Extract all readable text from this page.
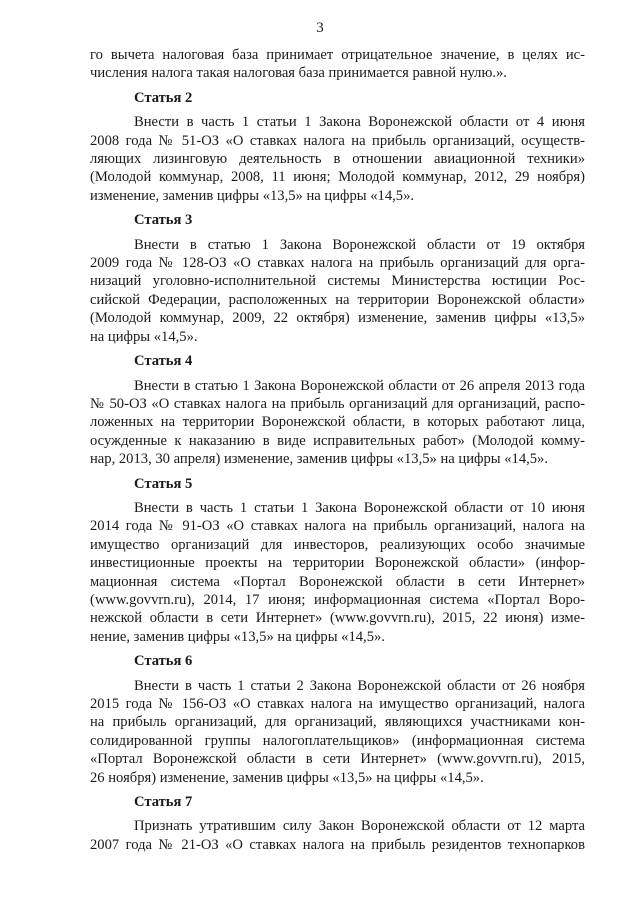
3
го вычета налоговая база принимает отрицательное значение, в целях ис-
числения налога такая налоговая база принимается равной нулю.».
Статья 2
Внести в часть 1 статьи 1 Закона Воронежской области от 4 июня
2008 года № 51-ОЗ «О ставках налога на прибыль организаций, осуществ-
ляющих лизинговую деятельность в отношении авиационной техники»
(Молодой коммунар, 2008, 11 июня; Молодой коммунар, 2012, 29 ноября)
изменение, заменив цифры «13,5» на цифры «14,5».
Статья 3
Внести в статью 1 Закона Воронежской области от 19 октября
2009 года № 128-ОЗ «О ставках налога на прибыль организаций для орга-
низаций уголовно-исполнительной системы Министерства юстиции Рос-
сийской Федерации, расположенных на территории Воронежской области»
(Молодой коммунар, 2009, 22 октября) изменение, заменив цифры «13,5»
на цифры «14,5».
Статья 4
Внести в статью 1 Закона Воронежской области от 26 апреля 2013 года
№ 50-ОЗ «О ставках налога на прибыль организаций для организаций, распо-
ложенных на территории Воронежской области, в которых работают лица,
осужденные к наказанию в виде исправительных работ» (Молодой комму-
нар, 2013, 30 апреля) изменение, заменив цифры «13,5» на цифры «14,5».
Статья 5
Внести в часть 1 статьи 1 Закона Воронежской области от 10 июня
2014 года № 91-ОЗ «О ставках налога на прибыль организаций, налога на
имущество организаций для инвесторов, реализующих особо значимые
инвестиционные проекты на территории Воронежской области» (инфор-
мационная система «Портал Воронежской области в сети Интернет»
(www.govvrn.ru), 2014, 17 июня; информационная система «Портал Воро-
нежской области в сети Интернет» (www.govvrn.ru), 2015, 22 июня) изме-
нение, заменив цифры «13,5» на цифры «14,5».
Статья 6
Внести в часть 1 статьи 2 Закона Воронежской области от 26 ноября
2015 года № 156-ОЗ «О ставках налога на имущество организаций, налога
на прибыль организаций, для организаций, являющихся участниками кон-
солидированной группы налогоплательщиков» (информационная система
«Портал Воронежской области в сети Интернет» (www.govvrn.ru), 2015,
26 ноября) изменение, заменив цифры «13,5» на цифры «14,5».
Статья 7
Признать утратившим силу Закон Воронежской области от 12 марта
2007 года № 21-ОЗ «О ставках налога на прибыль резидентов технопарков
